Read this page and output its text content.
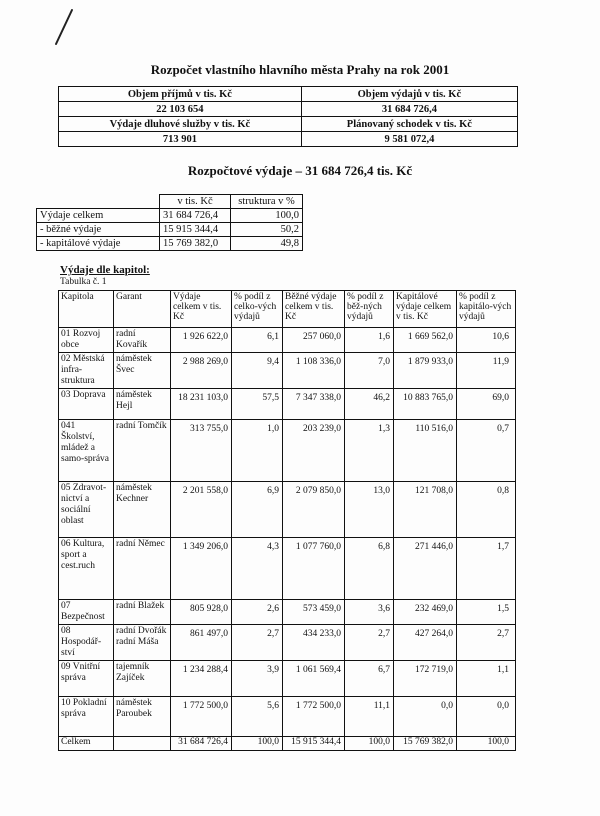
Rozpočet vlastního hlavního města Prahy na rok 2001
Objem příjmů v tis. Kč	Objem výdajů v tis. Kč
22 103 654	31 684 726,4
Výdaje dluhové služby v tis. Kč	Plánovaný schodek v tis. Kč
713 901	9 581 072,4
Rozpočtové výdaje – 31 684 726,4 tis. Kč
	v tis. Kč	struktura v %
Výdaje celkem	31 684 726,4	100,0
- běžné výdaje	15 915 344,4	50,2
- kapitálové výdaje	15 769 382,0	49,8
Výdaje dle kapitol:
Tabulka č. 1
Kapitola	Garant	Výdaje celkem v tis. Kč	% podíl z celko-vých výdajů	Běžné výdaje celkem v tis. Kč	% podíl z běž-ných výdajů	Kapitálové výdaje celkem v tis. Kč	% podíl z kapitálo-vých výdajů
01 Rozvoj obce	radní Kovařík	1 926 622,0	6,1	257 060,0	1,6	1 669 562,0	10,6
02 Městská infra-struktura	náměstek Švec	2 988 269,0	9,4	1 108 336,0	7,0	1 879 933,0	11,9
03 Doprava	náměstek Hejl	18 231 103,0	57,5	7 347 338,0	46,2	10 883 765,0	69,0
041 Školství, mládež a samo-správa	radní Tomčík	313 755,0	1,0	203 239,0	1,3	110 516,0	0,7
05 Zdravot-nictví a sociální oblast	náměstek Kechner	2 201 558,0	6,9	2 079 850,0	13,0	121 708,0	0,8
06 Kultura, sport a cest.ruch	radní Němec	1 349 206,0	4,3	1 077 760,0	6,8	271 446,0	1,7
07 Bezpečnost	radní Blažek	805 928,0	2,6	573 459,0	3,6	232 469,0	1,5
08 Hospodář-ství	radní Dvořák radní Máša	861 497,0	2,7	434 233,0	2,7	427 264,0	2,7
09 Vnitřní správa	tajemník Zajíček	1 234 288,4	3,9	1 061 569,4	6,7	172 719,0	1,1
10 Pokladní správa	náměstek Paroubek	1 772 500,0	5,6	1 772 500,0	11,1	0,0	0,0
Celkem		31 684 726,4	100,0	15 915 344,4	100,0	15 769 382,0	100,0
